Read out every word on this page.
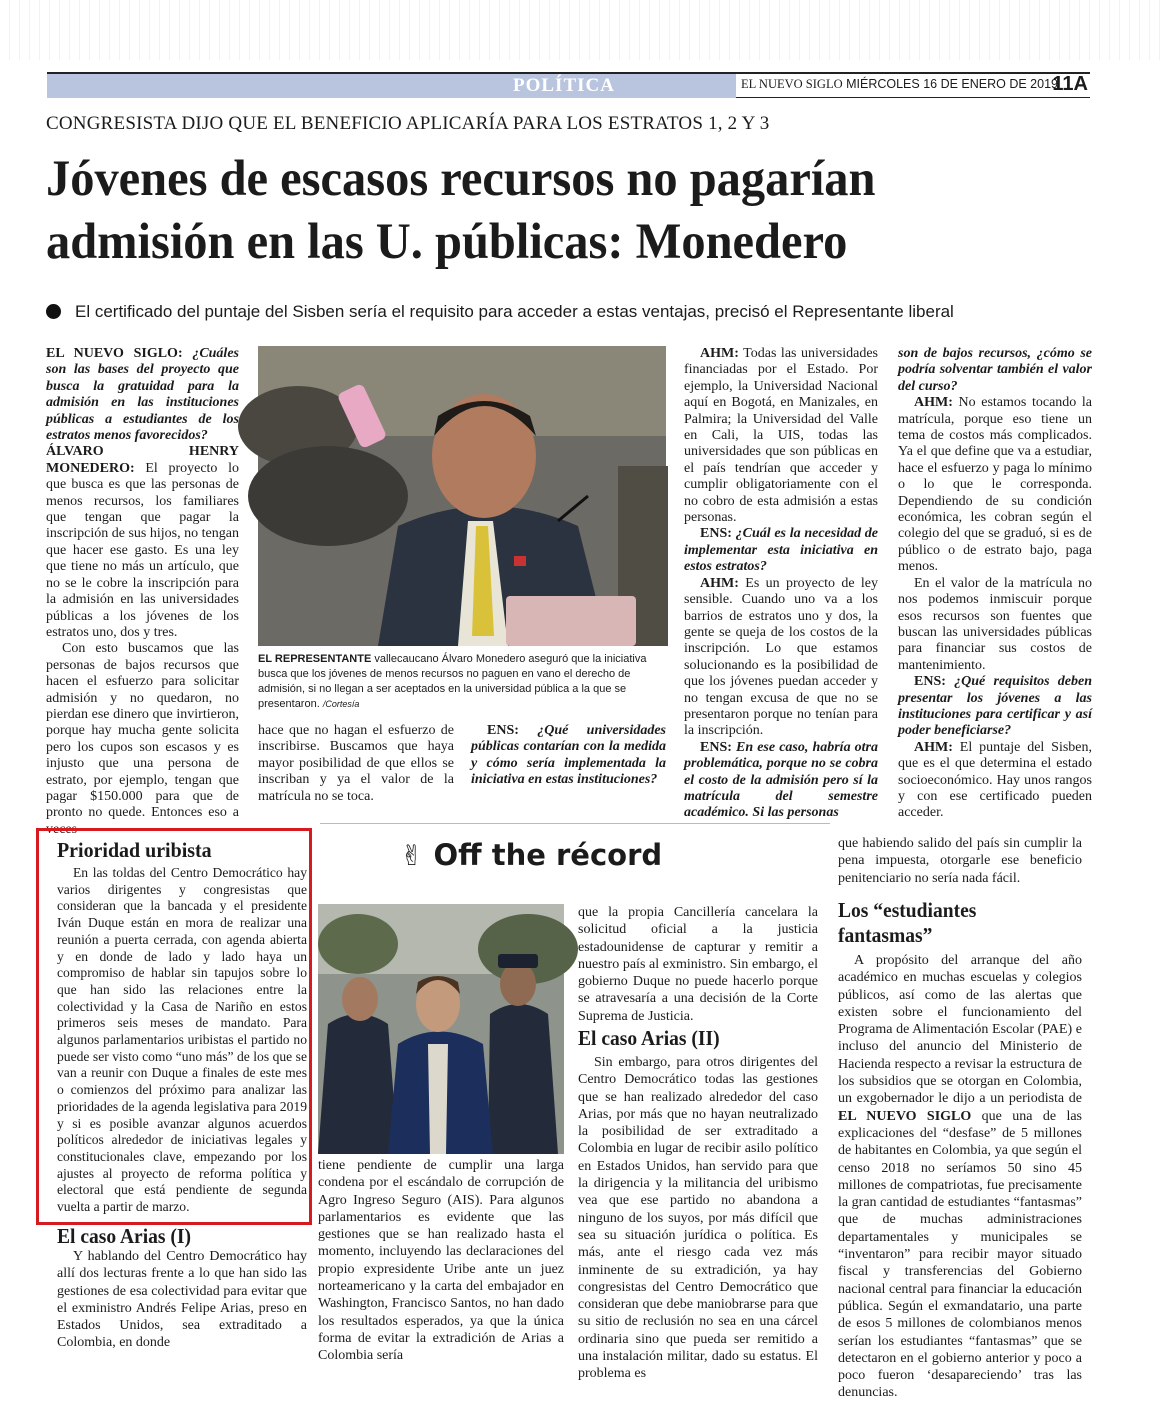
POLÍTICA	EL NUEVO SIGLO MIÉRCOLES 16 DE ENERO DE 2019
11A
CONGRESISTA DIJO QUE EL BENEFICIO APLICARÍA PARA LOS ESTRATOS 1, 2 Y 3
Jóvenes de escasos recursos no pagarían
admisión en las U. públicas: Monedero
El certificado del puntaje del Sisben sería el requisito para acceder a estas ventajas, precisó el Representante liberal

EL NUEVO SIGLO: ¿Cuáles son las bases del proyecto que busca la gratuidad para la admisión en las instituciones públicas a estudiantes de los estratos menos favorecidos?

ÁLVARO HENRY MONEDERO: El proyecto lo que busca es que las personas de menos recursos, los familiares que tengan que pagar la inscripción de sus hijos, no tengan que hacer ese gasto. Es una ley que tiene no más un artículo, que no se le cobre la inscripción para la admisión en las universidades públicas a los jóvenes de los estratos uno, dos y tres.

Con esto buscamos que las personas de bajos recursos que hacen el esfuerzo para solicitar admisión y no quedaron, no pierdan ese dinero que invirtieron, porque hay mucha gente solicita pero los cupos son escasos y es injusto que una persona de estrato, por ejemplo, tengan que pagar $150.000 para que de pronto no quede. Entonces eso a veces

EL REPRESENTANTE vallecaucano Álvaro Monedero aseguró que la iniciativa busca que los jóvenes de menos recursos no paguen en vano el derecho de admisión, si no llegan a ser aceptados en la universidad pública a la que se presentaron. /Cortesía

hace que no hagan el esfuerzo de inscribirse. Buscamos que haya mayor posibilidad de que ellos se inscriban y ya el valor de la matrícula no se toca.

ENS: ¿Qué universidades públicas contarían con la medida y cómo sería implementada la iniciativa en estas instituciones?

AHM: Todas las universidades financiadas por el Estado. Por ejemplo, la Universidad Nacional aquí en Bogotá, en Manizales, en Palmira; la Universidad del Valle en Cali, la UIS, todas las universidades que son públicas en el país tendrían que acceder y cumplir obligatoriamente con el no cobro de esta admisión a estas personas.

ENS: ¿Cuál es la necesidad de implementar esta iniciativa en estos estratos?

AHM: Es un proyecto de ley sensible. Cuando uno va a los barrios de estratos uno y dos, la gente se queja de los costos de la inscripción. Lo que estamos solucionando es la posibilidad de que los jóvenes puedan acceder y no tengan excusa de que no se presentaron porque no tenían para la inscripción.

ENS: En ese caso, habría otra problemática, porque no se cobra el costo de la admisión pero sí la matrícula del semestre académico. Si las personas

son de bajos recursos, ¿cómo se podría solventar también el valor del curso?

AHM: No estamos tocando la matrícula, porque eso tiene un tema de costos más complicados. Ya el que define que va a estudiar, hace el esfuerzo y paga lo mínimo o lo que le corresponda. Dependiendo de su condición económica, les cobran según el colegio del que se graduó, si es de público o de estrato bajo, paga menos.

En el valor de la matrícula no nos podemos inmiscuir porque esos recursos son fuentes que buscan las universidades públicas para financiar sus costos de mantenimiento.

ENS: ¿Qué requisitos deben presentar los jóvenes a las instituciones para certificar y así poder beneficiarse?

AHM: El puntaje del Sisben, que es el que determina el estado socioeconómico. Hay unos rangos y con ese certificado pueden acceder.

✌ Off the récord
Prioridad uribista

En las toldas del Centro Democrático hay varios dirigentes y congresistas que consideran que la bancada y el presidente Iván Duque están en mora de realizar una reunión a puerta cerrada, con agenda abierta y en donde de lado y lado haya un compromiso de hablar sin tapujos sobre lo que han sido las relaciones entre la colectividad y la Casa de Nariño en estos primeros seis meses de mandato. Para algunos parlamentarios uribistas el partido no puede ser visto como “uno más” de los que se van a reunir con Duque a finales de este mes o comienzos del próximo para analizar las prioridades de la agenda legislativa para 2019 y si es posible avanzar algunos acuerdos políticos alrededor de iniciativas legales y constitucionales clave, empezando por los ajustes al proyecto de reforma política y electoral que está pendiente de segunda vuelta a partir de marzo.

El caso Arias (I)

Y hablando del Centro Democrático hay allí dos lecturas frente a lo que han sido las gestiones de esa colectividad para evitar que el exministro Andrés Felipe Arias, preso en Estados Unidos, sea extraditado a Colombia, en donde

tiene pendiente de cumplir una larga condena por el escándalo de corrupción de Agro Ingreso Seguro (AIS). Para algunos parlamentarios es evidente que las gestiones que se han realizado hasta el momento, incluyendo las declaraciones del propio expresidente Uribe ante un juez norteamericano y la carta del embajador en Washington, Francisco Santos, no han dado los resultados esperados, ya que la única forma de evitar la extradición de Arias a Colombia sería

que la propia Cancillería cancelara la solicitud oficial a la justicia estadounidense de capturar y remitir a nuestro país al exministro. Sin embargo, el gobierno Duque no puede hacerlo porque se atravesaría a una decisión de la Corte Suprema de Justicia.

El caso Arias (II)

Sin embargo, para otros dirigentes del Centro Democrático todas las gestiones que se han realizado alrededor del caso Arias, por más que no hayan neutralizado la posibilidad de ser extraditado a Colombia en lugar de recibir asilo político en Estados Unidos, han servido para que la dirigencia y la militancia del uribismo vea que ese partido no abandona a ninguno de los suyos, por más difícil que sea su situación jurídica o política. Es más, ante el riesgo cada vez más inminente de su extradición, ya hay congresistas del Centro Democrático que consideran que debe maniobrarse para que su sitio de reclusión no sea en una cárcel ordinaria sino que pueda ser remitido a una instalación militar, dado su estatus. El problema es

que habiendo salido del país sin cumplir la pena impuesta, otorgarle ese beneficio penitenciario no sería nada fácil.

Los “estudiantes
fantasmas”

A propósito del arranque del año académico en muchas escuelas y colegios públicos, así como de las alertas que existen sobre el funcionamiento del Programa de Alimentación Escolar (PAE) e incluso del anuncio del Ministerio de Hacienda respecto a revisar la estructura de los subsidios que se otorgan en Colombia, un exgobernador le dijo a un periodista de EL NUEVO SIGLO que una de las explicaciones del “desfase” de 5 millones de habitantes en Colombia, ya que según el censo 2018 no seríamos 50 sino 45 millones de compatriotas, fue precisamente la gran cantidad de estudiantes “fantasmas” que de muchas administraciones departamentales y municipales se “inventaron” para recibir mayor situado fiscal y transferencias del Gobierno nacional central para financiar la educación pública. Según el exmandatario, una parte de esos 5 millones de colombianos menos serían los estudiantes “fantasmas” que se detectaron en el gobierno anterior y poco a poco fueron ‘desapareciendo’ tras las denuncias.
